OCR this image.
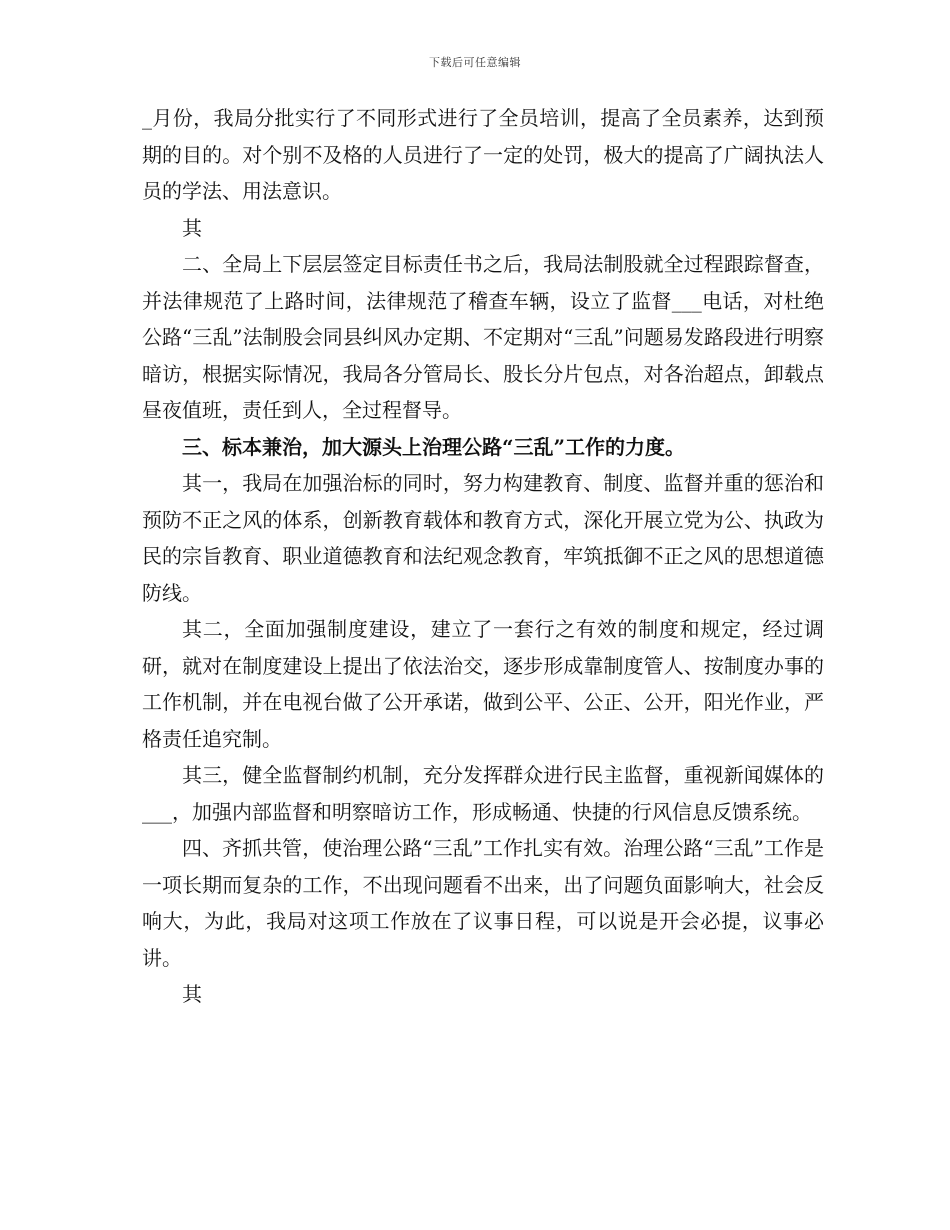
下载后可任意编辑

_月份，我局分批实行了不同形式进行了全员培训，提高了全员素养，达到预期的目的。对个别不及格的人员进行了一定的处罚，极大的提高了广阔执法人员的学法、用法意识。

其

二、全局上下层层签定目标责任书之后，我局法制股就全过程跟踪督查，并法律规范了上路时间，法律规范了稽查车辆，设立了监督___电话，对杜绝公路“三乱”法制股会同县纠风办定期、不定期对“三乱”问题易发路段进行明察暗访，根据实际情况，我局各分管局长、股长分片包点，对各治超点，卸载点昼夜值班，责任到人，全过程督导。

三、标本兼治，加大源头上治理公路“三乱”工作的力度。

其一，我局在加强治标的同时，努力构建教育、制度、监督并重的惩治和预防不正之风的体系，创新教育载体和教育方式，深化开展立党为公、执政为民的宗旨教育、职业道德教育和法纪观念教育，牢筑抵御不正之风的思想道德防线。

其二，全面加强制度建设，建立了一套行之有效的制度和规定，经过调研，就对在制度建设上提出了依法治交，逐步形成靠制度管人、按制度办事的工作机制，并在电视台做了公开承诺，做到公平、公正、公开，阳光作业，严格责任追究制。

其三，健全监督制约机制，充分发挥群众进行民主监督，重视新闻媒体的___，加强内部监督和明察暗访工作，形成畅通、快捷的行风信息反馈系统。

四、齐抓共管，使治理公路“三乱”工作扎实有效。治理公路“三乱”工作是一项长期而复杂的工作，不出现问题看不出来，出了问题负面影响大，社会反响大，为此，我局对这项工作放在了议事日程，可以说是开会必提，议事必讲。

其
